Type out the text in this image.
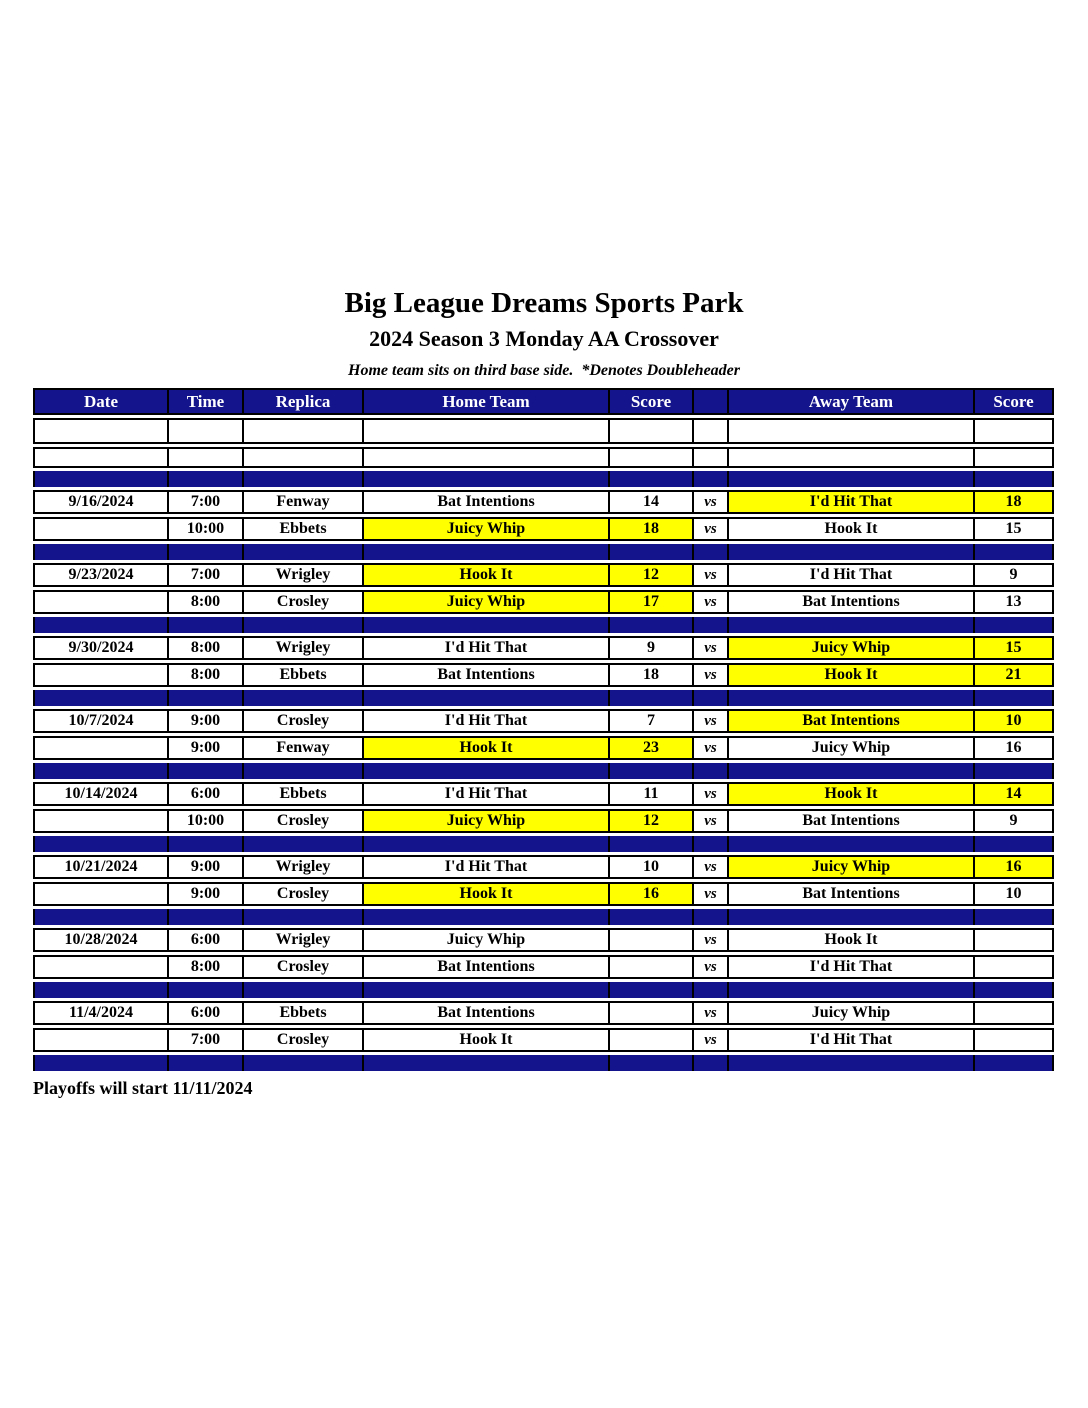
Big League Dreams Sports Park
2024 Season 3 Monday AA Crossover
Home team sits on third base side.  *Denotes Doubleheader
Date	Time	Replica	Home Team	Score		Away Team	Score

9/16/2024	7:00	Fenway	Bat Intentions	14	vs	I'd Hit That	18
	10:00	Ebbets	Juicy Whip	18	vs	Hook It	15

9/23/2024	7:00	Wrigley	Hook It	12	vs	I'd Hit That	9
	8:00	Crosley	Juicy Whip	17	vs	Bat Intentions	13

9/30/2024	8:00	Wrigley	I'd Hit That	9	vs	Juicy Whip	15
	8:00	Ebbets	Bat Intentions	18	vs	Hook It	21

10/7/2024	9:00	Crosley	I'd Hit That	7	vs	Bat Intentions	10
	9:00	Fenway	Hook It	23	vs	Juicy Whip	16

10/14/2024	6:00	Ebbets	I'd Hit That	11	vs	Hook It	14
	10:00	Crosley	Juicy Whip	12	vs	Bat Intentions	9

10/21/2024	9:00	Wrigley	I'd Hit That	10	vs	Juicy Whip	16
	9:00	Crosley	Hook It	16	vs	Bat Intentions	10

10/28/2024	6:00	Wrigley	Juicy Whip		vs	Hook It	
	8:00	Crosley	Bat Intentions		vs	I'd Hit That	

11/4/2024	6:00	Ebbets	Bat Intentions		vs	Juicy Whip	
	7:00	Crosley	Hook It		vs	I'd Hit That	

Playoffs will start 11/11/2024
